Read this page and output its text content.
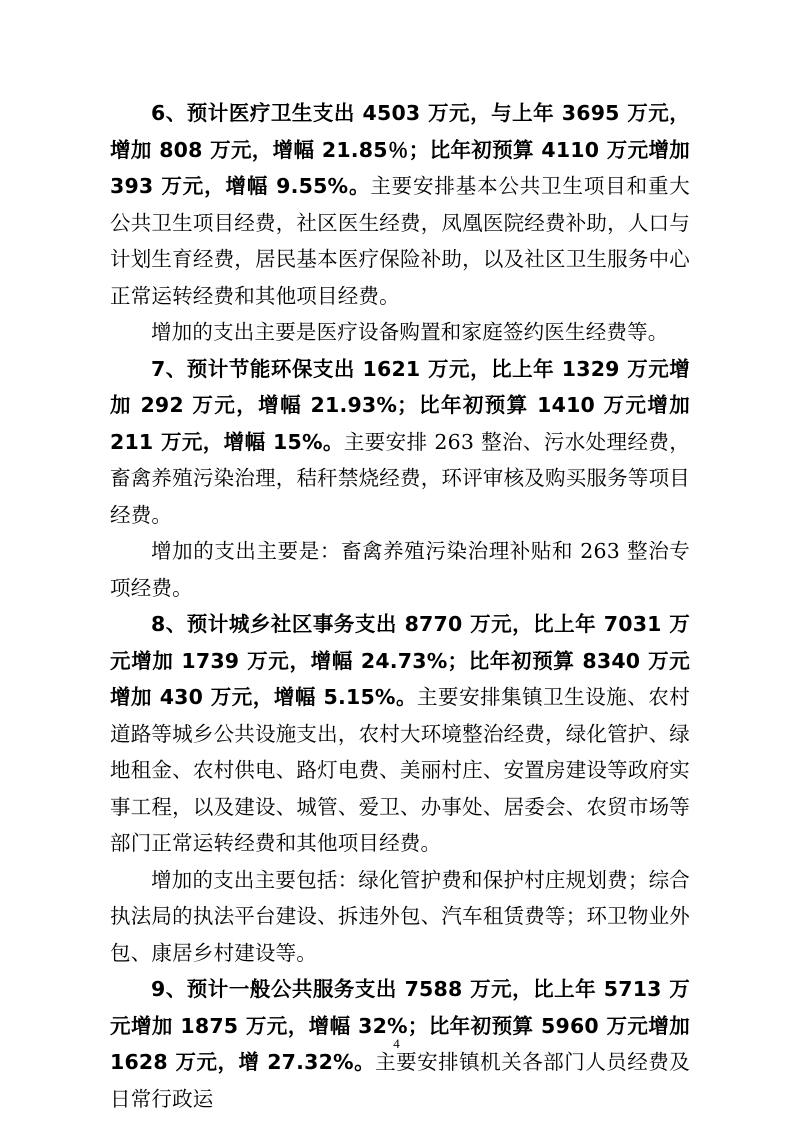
6、预计医疗卫生支出 4503 万元，与上年 3695 万元，增加 808 万元，增幅 21.85％；比年初预算 4110 万元增加 393 万元，增幅 9.55%。主要安排基本公共卫生项目和重大公共卫生项目经费，社区医生经费，凤凰医院经费补助，人口与计划生育经费，居民基本医疗保险补助，以及社区卫生服务中心正常运转经费和其他项目经费。

增加的支出主要是医疗设备购置和家庭签约医生经费等。

7、预计节能环保支出 1621 万元，比上年 1329 万元增加 292 万元，增幅 21.93%；比年初预算 1410 万元增加 211 万元，增幅 15%。主要安排 263 整治、污水处理经费，畜禽养殖污染治理，秸秆禁烧经费，环评审核及购买服务等项目经费。

增加的支出主要是：畜禽养殖污染治理补贴和 263 整治专项经费。

8、预计城乡社区事务支出 8770 万元，比上年 7031 万元增加 1739 万元，增幅 24.73%；比年初预算 8340 万元增加 430 万元，增幅 5.15%。主要安排集镇卫生设施、农村道路等城乡公共设施支出，农村大环境整治经费，绿化管护、绿地租金、农村供电、路灯电费、美丽村庄、安置房建设等政府实事工程，以及建设、城管、爱卫、办事处、居委会、农贸市场等部门正常运转经费和其他项目经费。

增加的支出主要包括：绿化管护费和保护村庄规划费；综合执法局的执法平台建设、拆违外包、汽车租赁费等；环卫物业外包、康居乡村建设等。

9、预计一般公共服务支出 7588 万元，比上年 5713 万元增加 1875 万元，增幅 32%；比年初预算 5960 万元增加 1628 万元，增 27.32%。主要安排镇机关各部门人员经费及日常行政运

4
